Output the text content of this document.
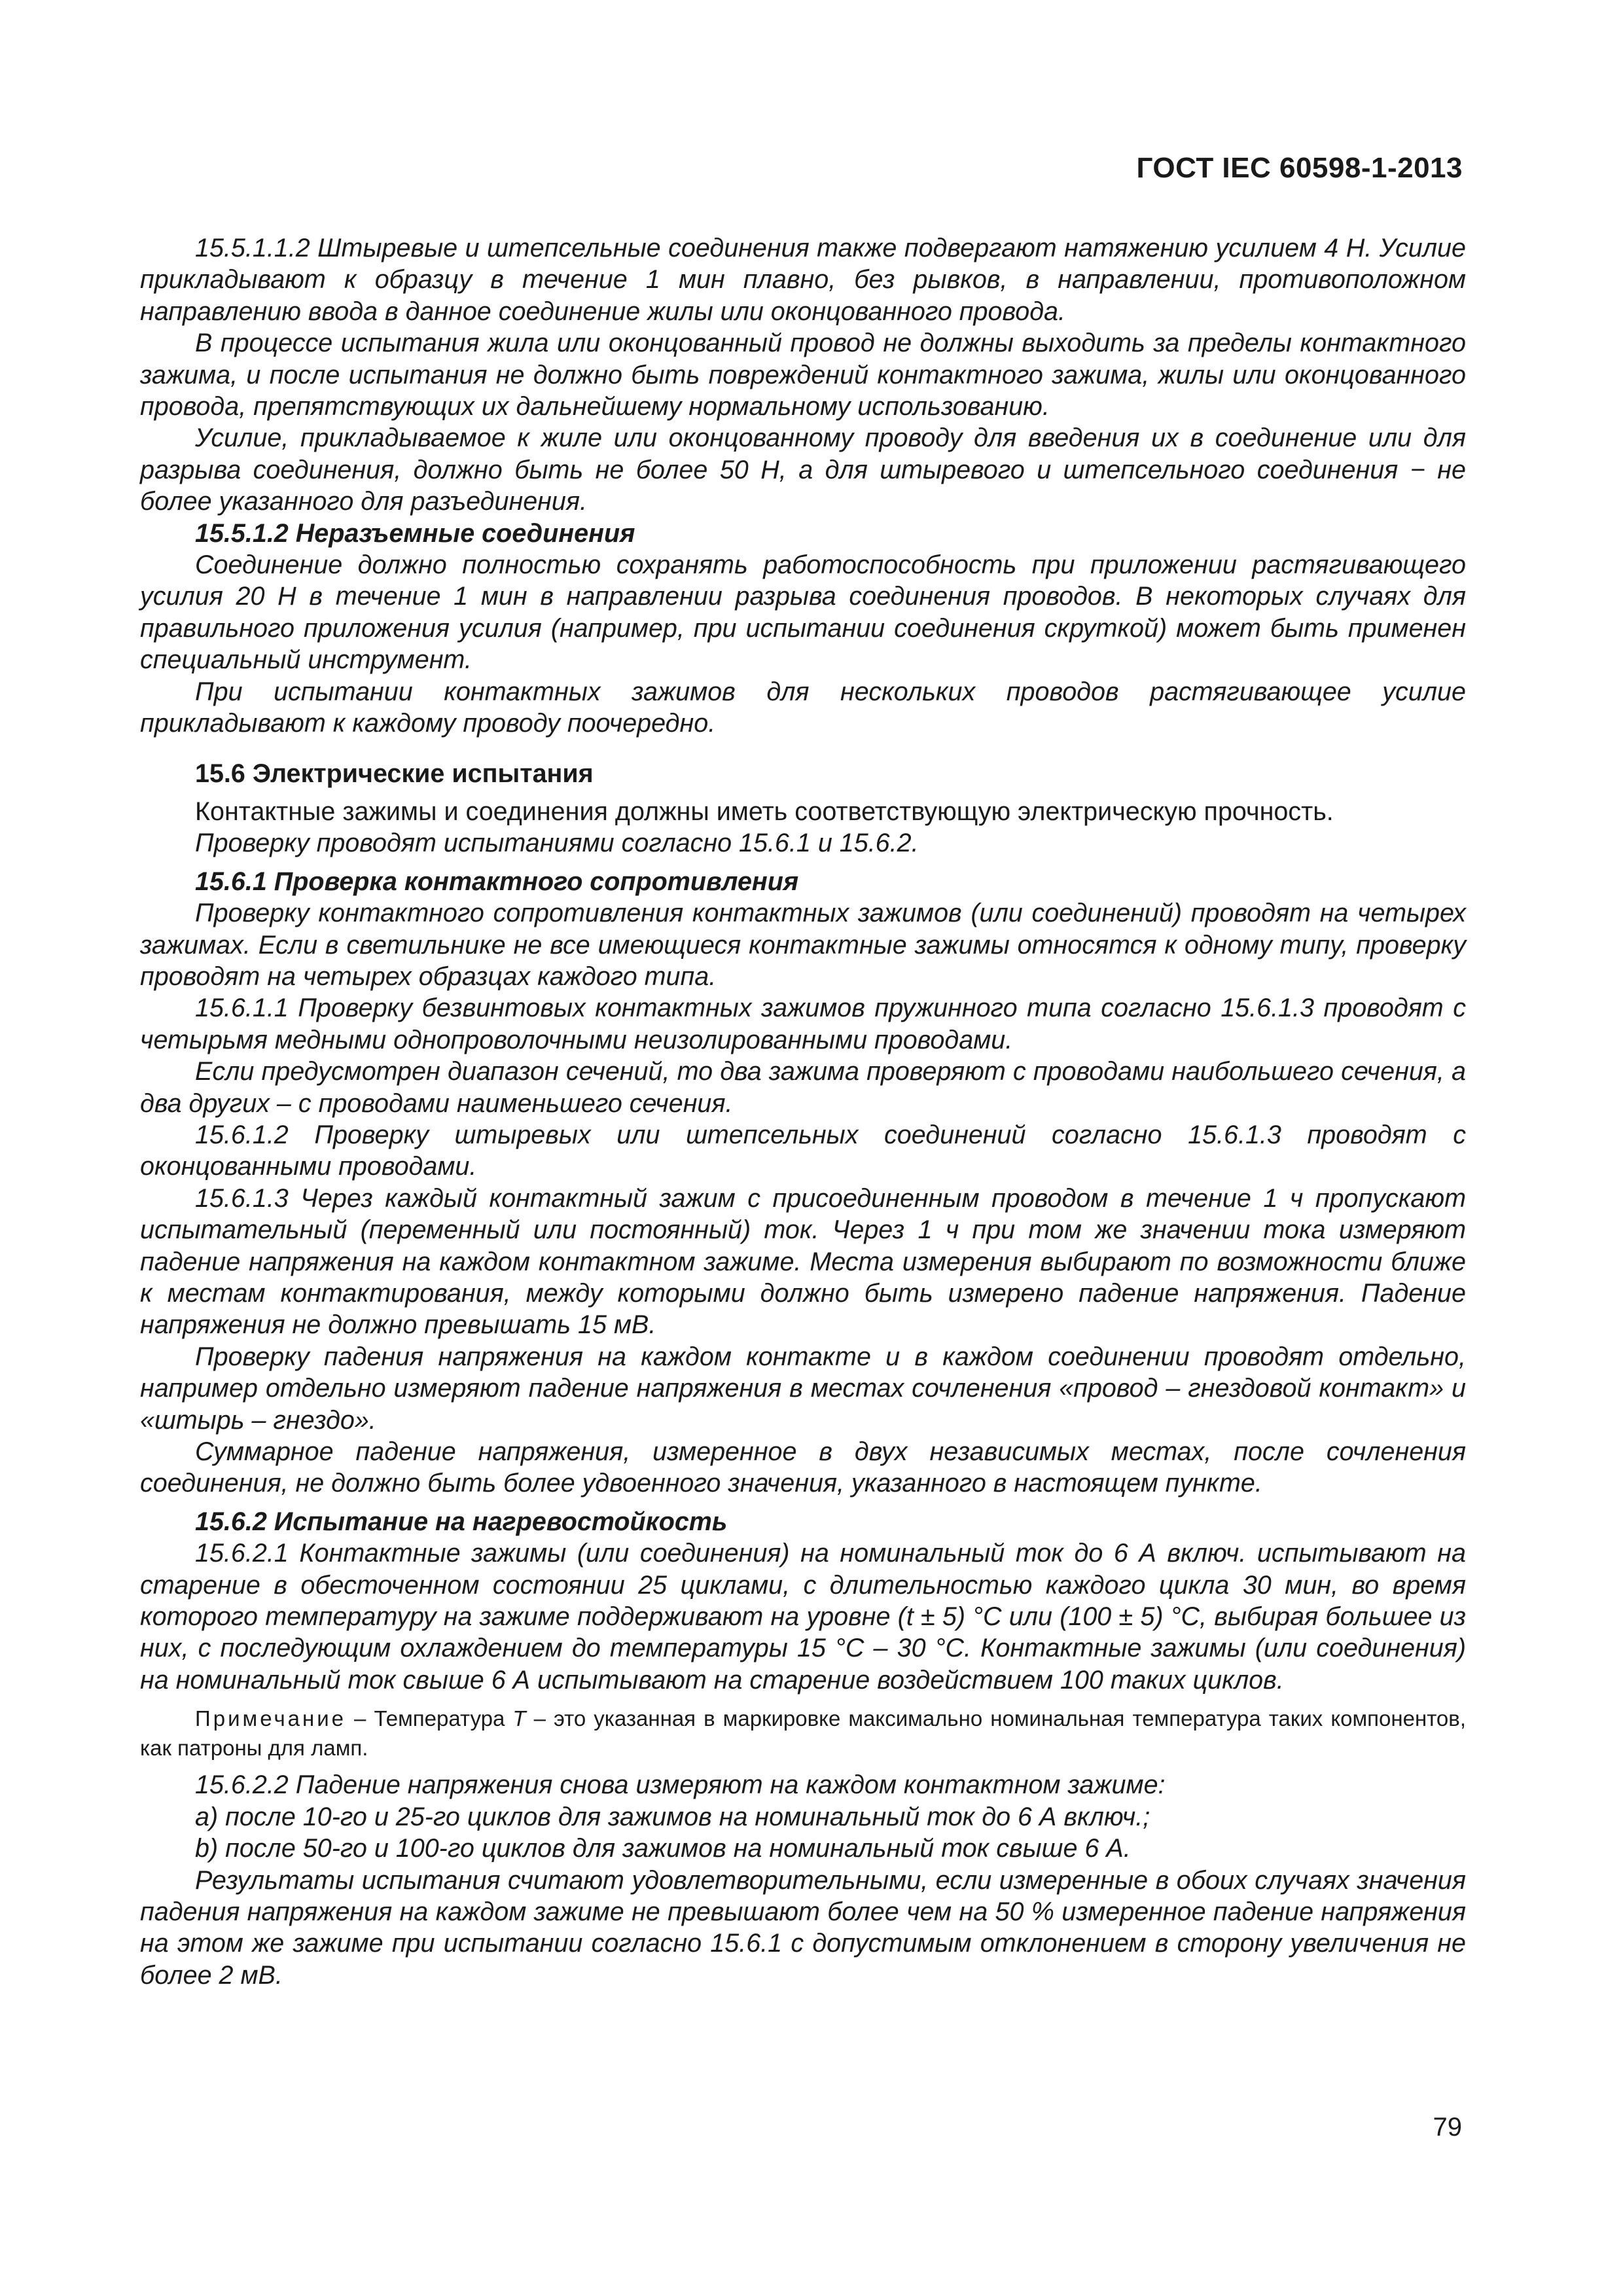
ГОСТ IEC 60598-1-2013

15.5.1.1.2 Штыревые и штепсельные соединения также подвергают натяжению усилием 4 Н. Усилие прикладывают к образцу в течение 1 мин плавно, без рывков, в направлении, противоположном направлению ввода в данное соединение жилы или оконцованного провода.

В процессе испытания жила или оконцованный провод не должны выходить за пределы контактного зажима, и после испытания не должно быть повреждений контактного зажима, жилы или оконцованного провода, препятствующих их дальнейшему нормальному использованию.

Усилие, прикладываемое к жиле или оконцованному проводу для введения их в соединение или для разрыва соединения, должно быть не более 50 Н, а для штыревого и штепсельного соединения − не более указанного для разъединения.

15.5.1.2 Неразъемные соединения

Соединение должно полностью сохранять работоспособность при приложении растягивающего усилия 20 Н в течение 1 мин в направлении разрыва соединения проводов. В некоторых случаях для правильного приложения усилия (например, при испытании соединения скруткой) может быть применен специальный инструмент.

При испытании контактных зажимов для нескольких проводов растягивающее усилие прикладывают к каждому проводу поочередно.

15.6 Электрические испытания

Контактные зажимы и соединения должны иметь соответствующую электрическую прочность.

Проверку проводят испытаниями согласно 15.6.1 и 15.6.2.

15.6.1 Проверка контактного сопротивления

Проверку контактного сопротивления контактных зажимов (или соединений) проводят на четырех зажимах. Если в светильнике не все имеющиеся контактные зажимы относятся к одному типу, проверку проводят на четырех образцах каждого типа.

15.6.1.1 Проверку безвинтовых контактных зажимов пружинного типа согласно 15.6.1.3 проводят с четырьмя медными однопроволочными неизолированными проводами.

Если предусмотрен диапазон сечений, то два зажима проверяют с проводами наибольшего сечения, а два других – с проводами наименьшего сечения.

15.6.1.2 Проверку штыревых или штепсельных соединений согласно 15.6.1.3 проводят с оконцованными проводами.

15.6.1.3 Через каждый контактный зажим с присоединенным проводом в течение 1 ч пропускают испытательный (переменный или постоянный) ток. Через 1 ч при том же значении тока измеряют падение напряжения на каждом контактном зажиме. Места измерения выбирают по возможности ближе к местам контактирования, между которыми должно быть измерено падение напряжения. Падение напряжения не должно превышать 15 мВ.

Проверку падения напряжения на каждом контакте и в каждом соединении проводят отдельно, например отдельно измеряют падение напряжения в местах сочленения «провод – гнездовой контакт» и «штырь – гнездо».

Суммарное падение напряжения, измеренное в двух независимых местах, после сочленения соединения, не должно быть более удвоенного значения, указанного в настоящем пункте.

15.6.2 Испытание на нагревостойкость

15.6.2.1 Контактные зажимы (или соединения) на номинальный ток до 6 А включ. испытывают на старение в обесточенном состоянии 25 циклами, с длительностью каждого цикла 30 мин, во время которого температуру на зажиме поддерживают на уровне (t ± 5) °С или (100 ± 5) °С, выбирая большее из них, с последующим охлаждением до температуры 15 °С – 30 °С. Контактные зажимы (или соединения) на номинальный ток свыше 6 А испытывают на старение воздействием 100 таких циклов.

Примечание – Температура T – это указанная в маркировке максимально номинальная температура таких компонентов, как патроны для ламп.

15.6.2.2 Падение напряжения снова измеряют на каждом контактном зажиме:

a) после 10-го и 25-го циклов для зажимов на номинальный ток до 6 А включ.;

b) после 50-го и 100-го циклов для зажимов на номинальный ток свыше 6 А.

Результаты испытания считают удовлетворительными, если измеренные в обоих случаях значения падения напряжения на каждом зажиме не превышают более чем на 50 % измеренное падение напряжения на этом же зажиме при испытании согласно 15.6.1 с допустимым отклонением в сторону увеличения не более 2 мВ.

79
